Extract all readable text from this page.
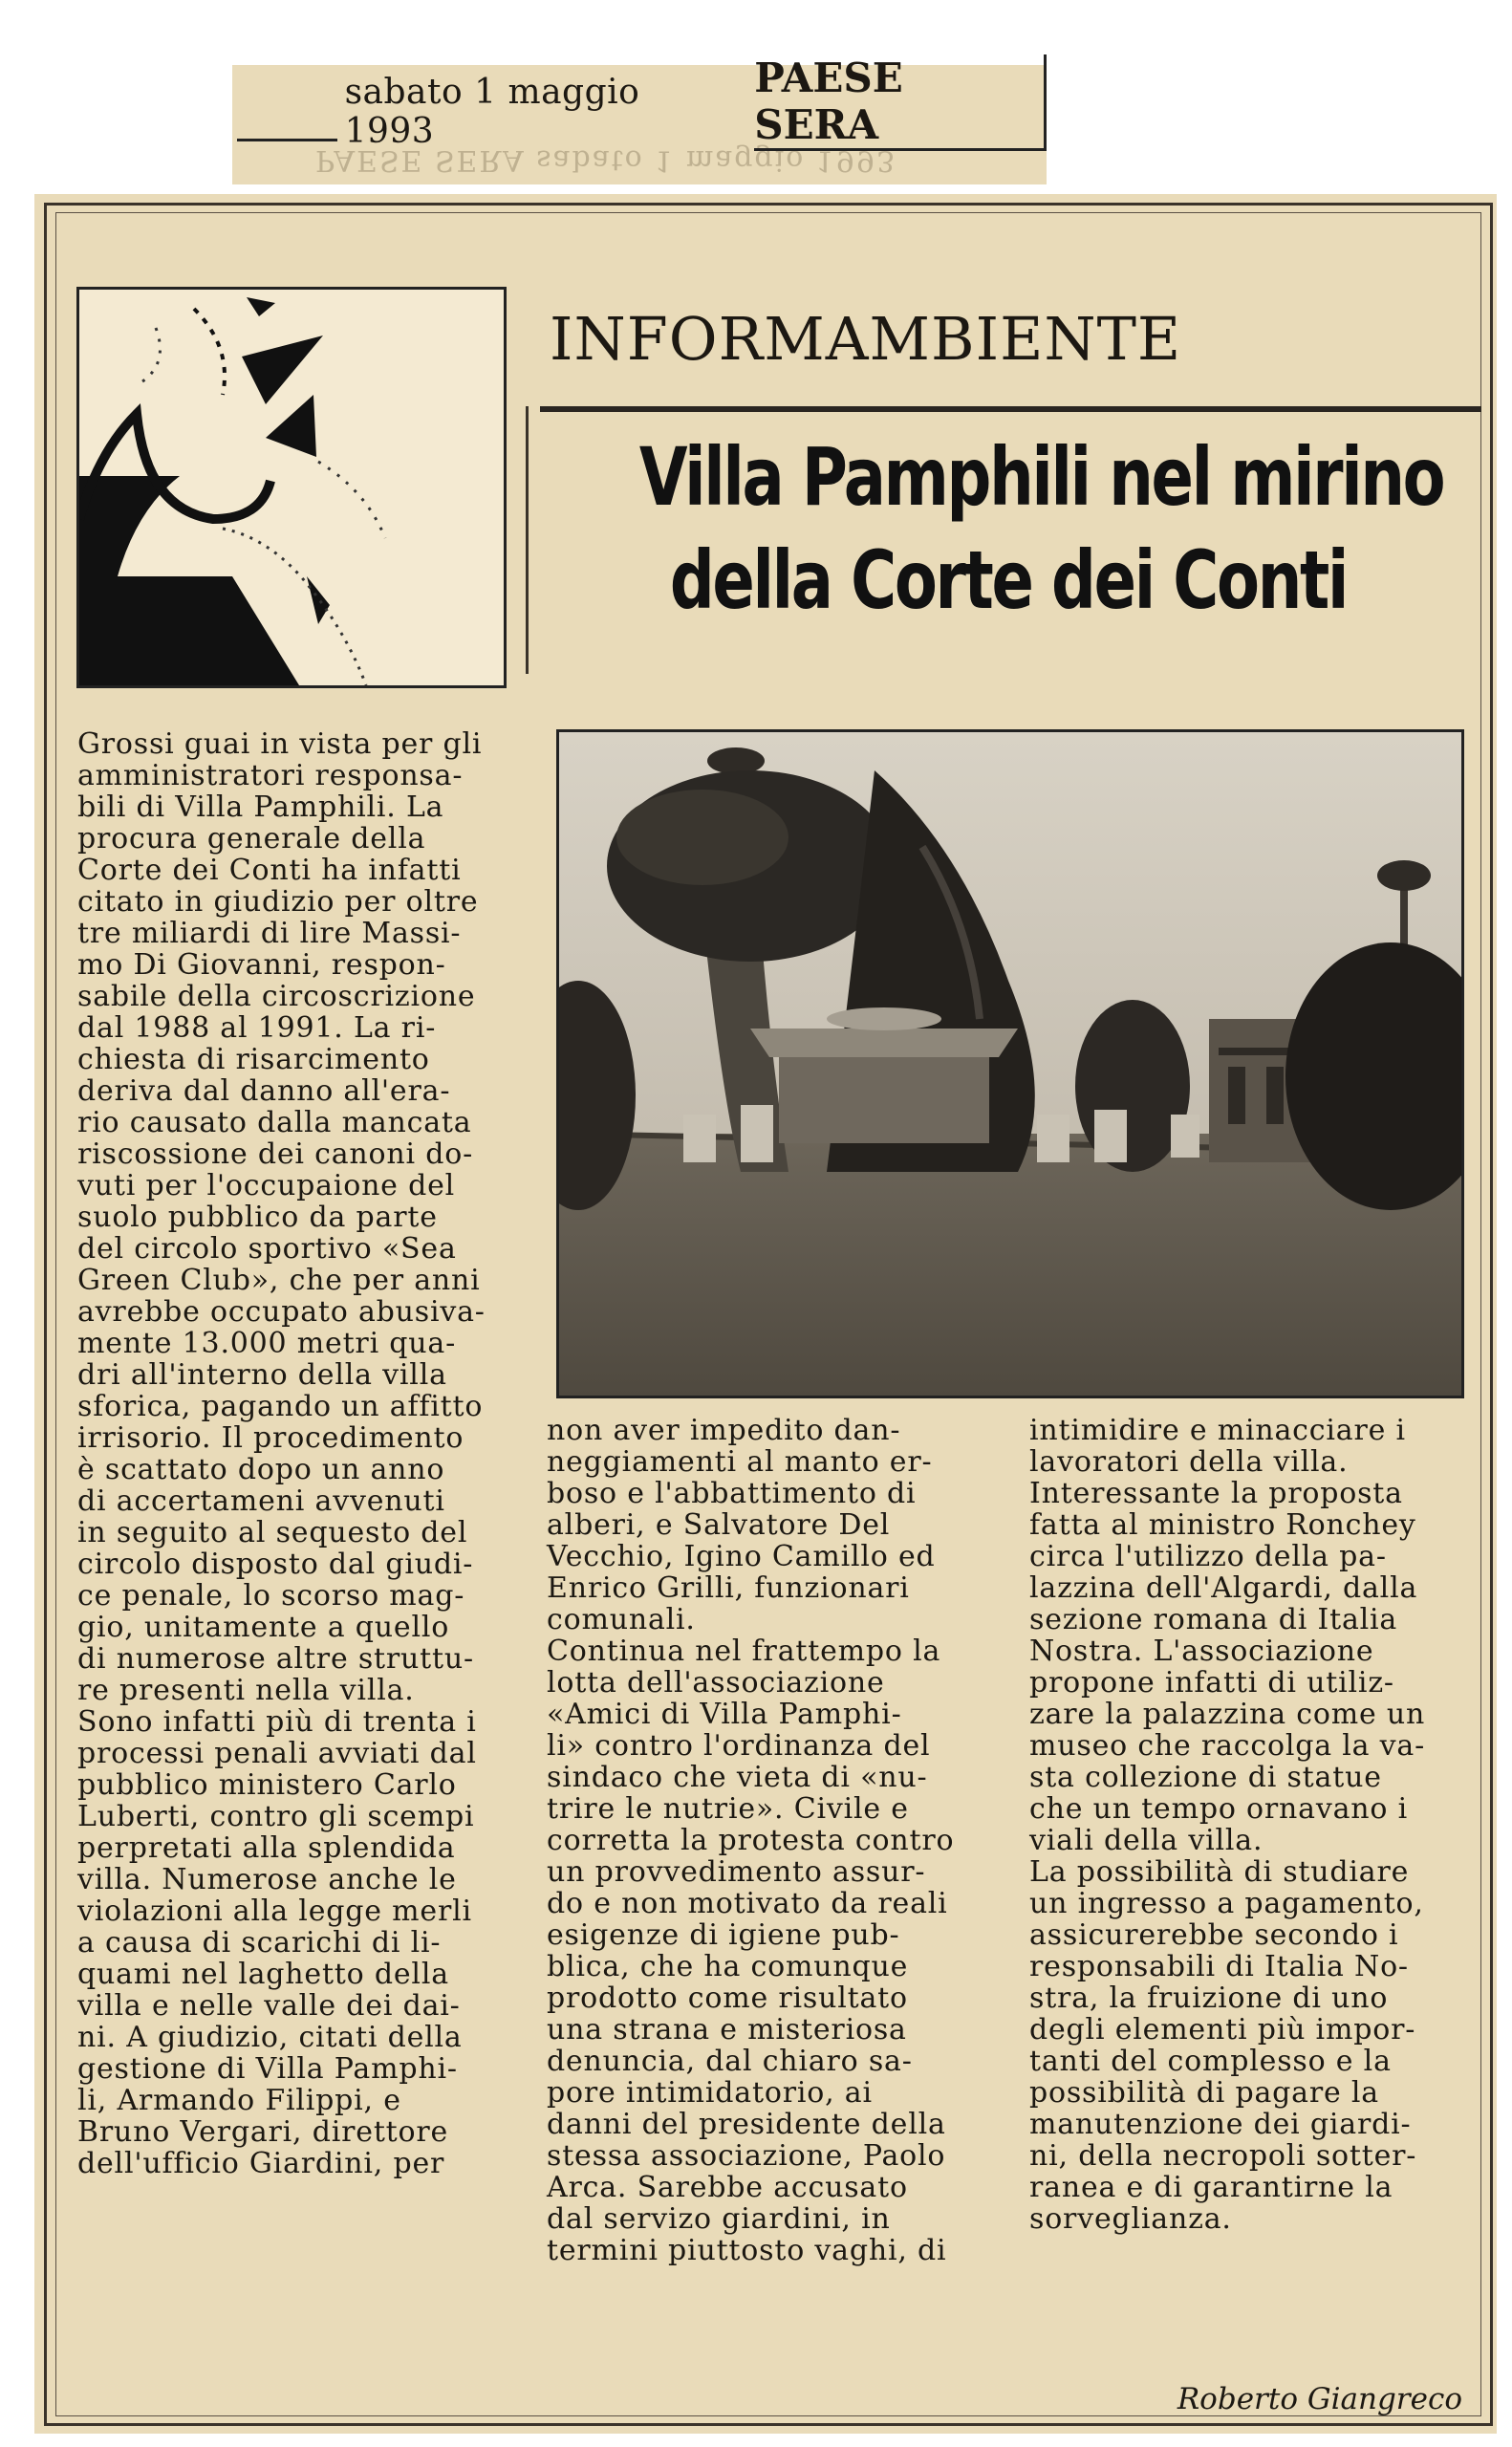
PAESE SERA sabato 1 maggio 1993
sabato 1 maggio 1993
PAESE SERA
INFORMAMBIENTE
Villa Pamphili nel mirino
della Corte dei Conti
Grossi guai in vista per gli
amministratori responsa-
bili di Villa Pamphili. La
procura generale della
Corte dei Conti ha infatti
citato in giudizio per oltre
tre miliardi di lire Massi-
mo Di Giovanni, respon-
sabile della circoscrizione
dal 1988 al 1991. La ri-
chiesta di risarcimento
deriva dal danno all'era-
rio causato dalla mancata
riscossione dei canoni do-
vuti per l'occupaione del
suolo pubblico da parte
del circolo sportivo «Sea
Green Club», che per anni
avrebbe occupato abusiva-
mente 13.000 metri qua-
dri all'interno della villa
sforica, pagando un affitto
irrisorio. Il procedimento
è scattato dopo un anno
di accertameni avvenuti
in seguito al sequesto del
circolo disposto dal giudi-
ce penale, lo scorso mag-
gio, unitamente a quello
di numerose altre struttu-
re presenti nella villa.
Sono infatti più di trenta i
processi penali avviati dal
pubblico ministero Carlo
Luberti, contro gli scempi
perpretati alla splendida
villa. Numerose anche le
violazioni alla legge merli
a causa di scarichi di li-
quami nel laghetto della
villa e nelle valle dei dai-
ni. A giudizio, citati della
gestione di Villa Pamphi-
li, Armando Filippi, e
Bruno Vergari, direttore
dell'ufficio Giardini, per
non aver impedito dan-
neggiamenti al manto er-
boso e l'abbattimento di
alberi, e Salvatore Del
Vecchio, Igino Camillo ed
Enrico Grilli, funzionari
comunali.
Continua nel frattempo la
lotta dell'associazione
«Amici di Villa Pamphi-
li» contro l'ordinanza del
sindaco che vieta di «nu-
trire le nutrie». Civile e
corretta la protesta contro
un provvedimento assur-
do e non motivato da reali
esigenze di igiene pub-
blica, che ha comunque
prodotto come risultato
una strana e misteriosa
denuncia, dal chiaro sa-
pore intimidatorio, ai
danni del presidente della
stessa associazione, Paolo
Arca. Sarebbe accusato
dal servizo giardini, in
termini piuttosto vaghi, di
intimidire e minacciare i
lavoratori della villa.
Interessante la proposta
fatta al ministro Ronchey
circa l'utilizzo della pa-
lazzina dell'Algardi, dalla
sezione romana di Italia
Nostra. L'associazione
propone infatti di utiliz-
zare la palazzina come un
museo che raccolga la va-
sta collezione di statue
che un tempo ornavano i
viali della villa.
La possibilità di studiare
un ingresso a pagamento,
assicurerebbe secondo i
responsabili di Italia No-
stra, la fruizione di uno
degli elementi più impor-
tanti del complesso e la
possibilità di pagare la
manutenzione dei giardi-
ni, della necropoli sotter-
ranea e di garantirne la
sorveglianza.
Roberto Giangreco
